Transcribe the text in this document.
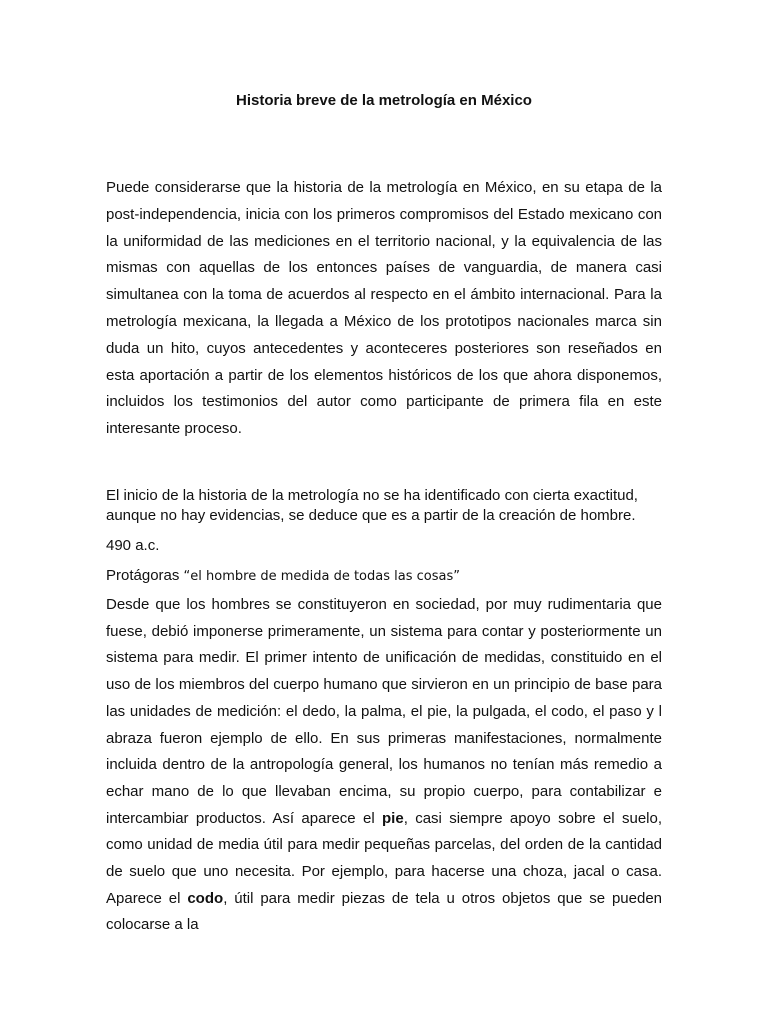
Historia breve de la metrología en México

Puede considerarse que la historia de la metrología en México, en su etapa de la post-independencia, inicia con los primeros compromisos del Estado mexicano con la uniformidad de las mediciones en el territorio nacional, y la equivalencia de las mismas con aquellas de los entonces países de vanguardia, de manera casi simultanea con la toma de acuerdos al respecto en el ámbito internacional. Para la metrología mexicana, la llegada a México de los prototipos nacionales marca sin duda un hito, cuyos antecedentes y aconteceres posteriores son reseñados en esta aportación a partir de los elementos históricos de los que ahora disponemos, incluidos los testimonios del autor como participante de primera fila en este interesante proceso.

El inicio de la historia de la metrología no se ha identificado con cierta exactitud,
aunque no hay evidencias, se deduce que es a partir de la creación de hombre.

490 a.c.

Protágoras “el hombre de medida de todas las cosas”

Desde que los hombres se constituyeron en sociedad, por muy rudimentaria que fuese, debió imponerse primeramente, un sistema para contar y posteriormente un sistema para medir. El primer intento de unificación de medidas, constituido en el uso de los miembros del cuerpo humano que sirvieron en un principio de base para las unidades de medición: el dedo, la palma, el pie, la pulgada, el codo, el paso y l abraza fueron ejemplo de ello. En sus primeras manifestaciones, normalmente incluida dentro de la antropología general, los humanos no tenían más remedio a echar mano de lo que llevaban encima, su propio cuerpo, para contabilizar e intercambiar productos. Así aparece el pie, casi siempre apoyo sobre el suelo, como unidad de media útil para medir pequeñas parcelas, del orden de la cantidad de suelo que uno necesita. Por ejemplo, para hacerse una choza, jacal o casa. Aparece el codo, útil para medir piezas de tela u otros objetos que se pueden colocarse a la
